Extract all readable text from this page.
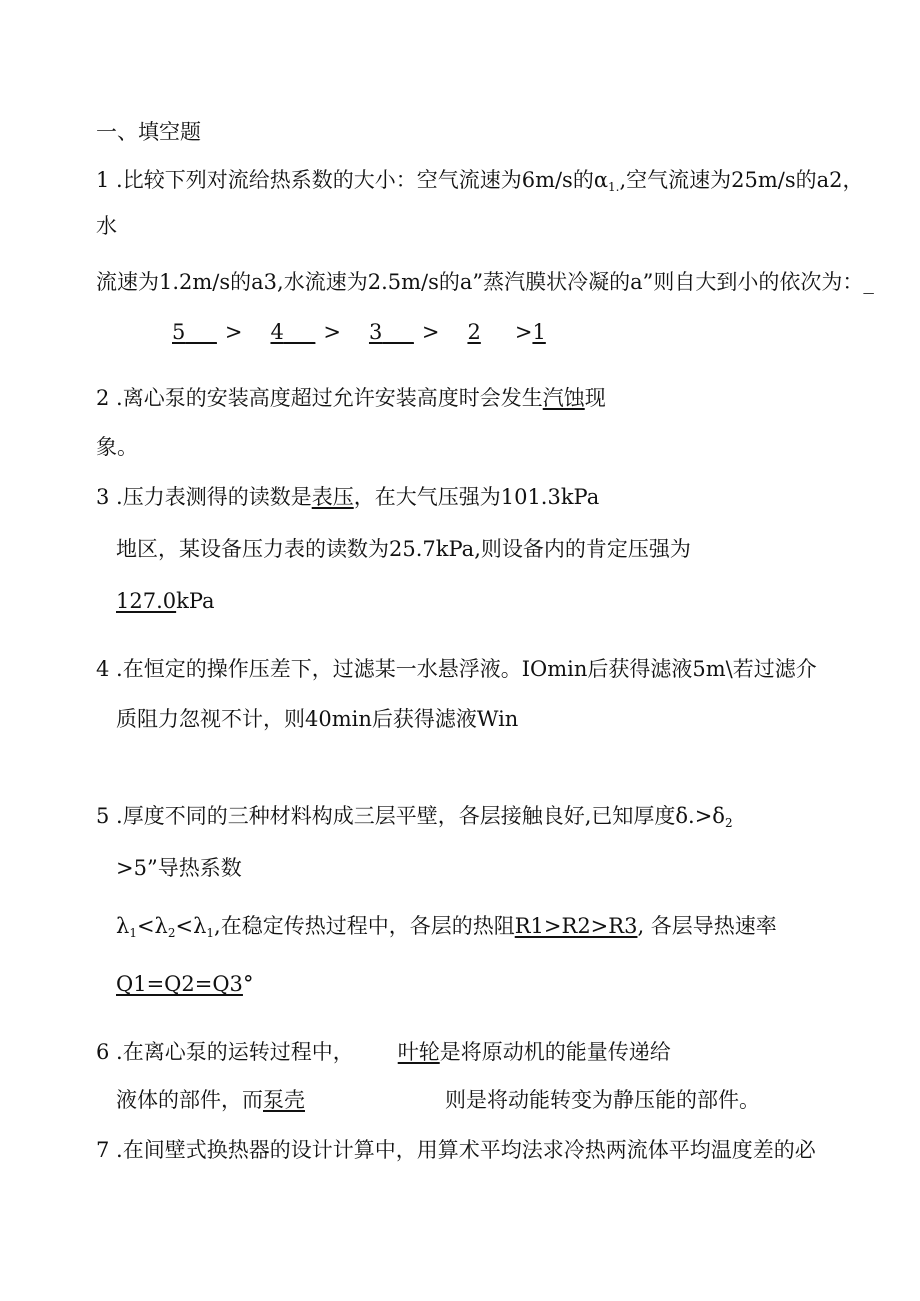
一、填空题
1 .比较下列对流给热系数的大小：空气流速为6m∕s的$\alpha_{1.}$,空气流速为25m∕s的a2，
水
流速为1.2m∕s的a3,水流速为2.5m∕s的a”蒸汽膜状冷凝的a”则自大到小的依次为：_
5___ > 4___ > 3___ > 2 >1
2 .离心泵的安装高度超过允许安装高度时会发生汽蚀现
象。
3 .压力表测得的读数是表压，在大气压强为101.3kPa
地区，某设备压力表的读数为25.7kPa,则设备内的肯定压强为
127.0kPa
4 .在恒定的操作压差下，过滤某一水悬浮液。IOmin后获得滤液5m\若过滤介
质阻力忽视不计，则40min后获得滤液Win
5 .厚度不同的三种材料构成三层平壁，各层接触良好,已知厚度$\delta.>\delta_2$
>5”导热系数
$\lambda_1<\lambda_2<\lambda_1$,在稳定传热过程中，各层的热阻R1>R2>R3, 各层导热速率
Q1=Q2=Q3°
6 .在离心泵的运转过程中， 叶轮是将原动机的能量传递给
液体的部件，而泵壳	则是将动能转变为静压能的部件。
7 .在间壁式换热器的设计计算中，用算术平均法求冷热两流体平均温度差的必
